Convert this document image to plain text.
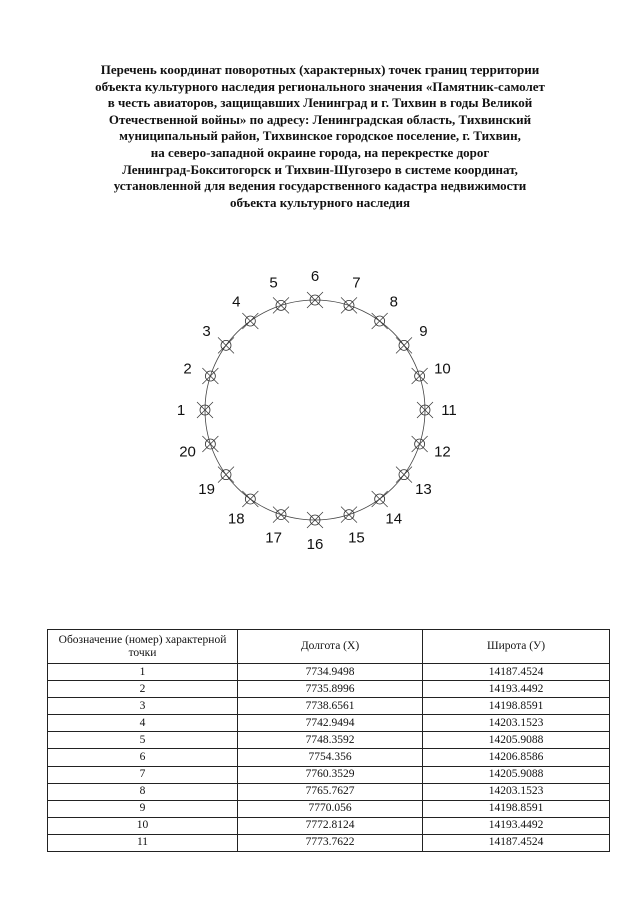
Перечень координат поворотных (характерных) точек границ территории
объекта культурного наследия регионального значения «Памятник-самолет
в честь авиаторов, защищавших Ленинград и г. Тихвин в годы Великой
Отечественной войны» по адресу: Ленинградская область, Тихвинский
муниципальный район, Тихвинское городское поселение, г. Тихвин,
на северо-западной окраине города, на перекрестке дорог
Ленинград-Бокситогорск и Тихвин-Шугозеро в системе координат,
установленной для ведения государственного кадастра недвижимости
объекта культурного наследия
1
2
3
4
5 6 7
8
9
10
11
12
13
14
15
16
17
18
19
20
Обозначение (номер) характерной точки	Долгота (X)	Широта (У)
1	7734.9498	14187.4524
2	7735.8996	14193.4492
3	7738.6561	14198.8591
4	7742.9494	14203.1523
5	7748.3592	14205.9088
6	7754.356	14206.8586
7	7760.3529	14205.9088
8	7765.7627	14203.1523
9	7770.056	14198.8591
10	7772.8124	14193.4492
11	7773.7622	14187.4524
